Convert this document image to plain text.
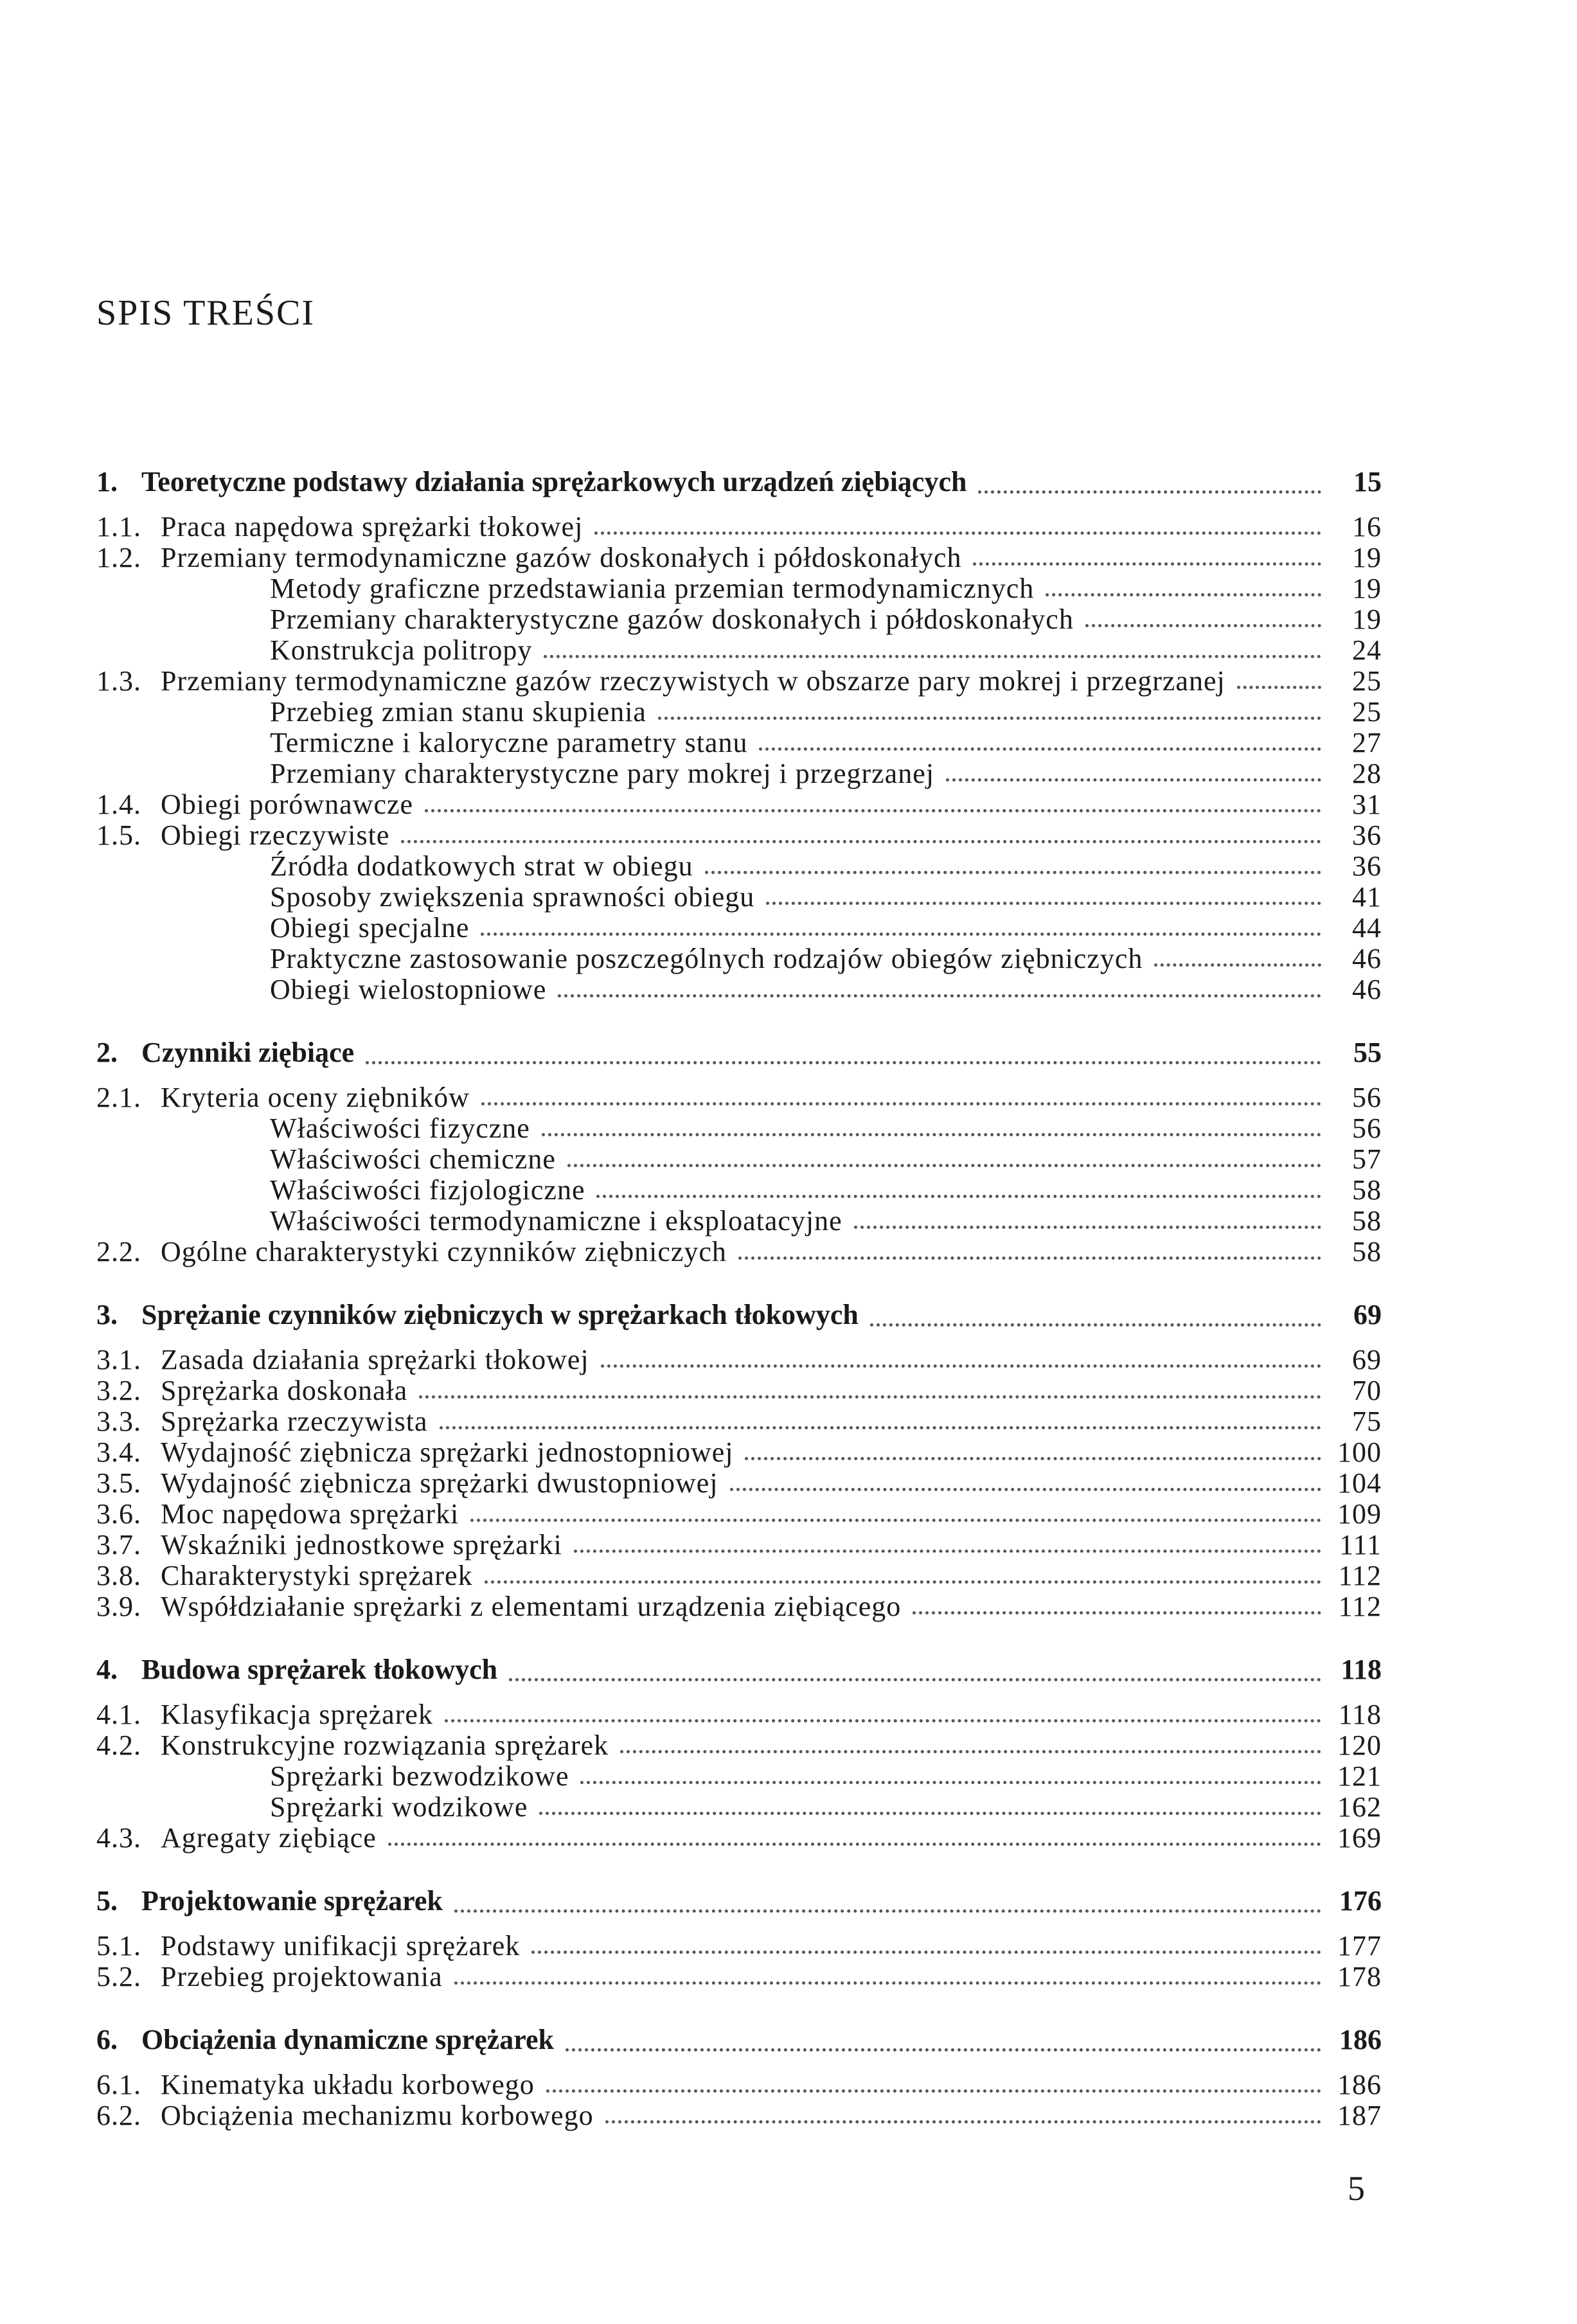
SPIS TREŚCI
1. Teoretyczne podstawy działania sprężarkowych urządzeń ziębiących	15
1.1. Praca napędowa sprężarki tłokowej	16
1.2. Przemiany termodynamiczne gazów doskonałych i półdoskonałych	19
Metody graficzne przedstawiania przemian termodynamicznych	19
Przemiany charakterystyczne gazów doskonałych i półdoskonałych	19
Konstrukcja politropy	24
1.3. Przemiany termodynamiczne gazów rzeczywistych w obszarze pary mokrej i przegrzanej	25
Przebieg zmian stanu skupienia	25
Termiczne i kaloryczne parametry stanu	27
Przemiany charakterystyczne pary mokrej i przegrzanej	28
1.4. Obiegi porównawcze	31
1.5. Obiegi rzeczywiste	36
Źródła dodatkowych strat w obiegu	36
Sposoby zwiększenia sprawności obiegu	41
Obiegi specjalne	44
Praktyczne zastosowanie poszczególnych rodzajów obiegów ziębniczych	46
Obiegi wielostopniowe	46
2. Czynniki ziębiące	55
2.1. Kryteria oceny ziębników	56
Właściwości fizyczne	56
Właściwości chemiczne	57
Właściwości fizjologiczne	58
Właściwości termodynamiczne i eksploatacyjne	58
2.2. Ogólne charakterystyki czynników ziębniczych	58
3. Sprężanie czynników ziębniczych w sprężarkach tłokowych	69
3.1. Zasada działania sprężarki tłokowej	69
3.2. Sprężarka doskonała	70
3.3. Sprężarka rzeczywista	75
3.4. Wydajność ziębnicza sprężarki jednostopniowej	100
3.5. Wydajność ziębnicza sprężarki dwustopniowej	104
3.6. Moc napędowa sprężarki	109
3.7. Wskaźniki jednostkowe sprężarki	111
3.8. Charakterystyki sprężarek	112
3.9. Współdziałanie sprężarki z elementami urządzenia ziębiącego	112
4. Budowa sprężarek tłokowych	118
4.1. Klasyfikacja sprężarek	118
4.2. Konstrukcyjne rozwiązania sprężarek	120
Sprężarki bezwodzikowe	121
Sprężarki wodzikowe	162
4.3. Agregaty ziębiące	169
5. Projektowanie sprężarek	176
5.1. Podstawy unifikacji sprężarek	177
5.2. Przebieg projektowania	178
6. Obciążenia dynamiczne sprężarek	186
6.1. Kinematyka układu korbowego	186
6.2. Obciążenia mechanizmu korbowego	187
5
